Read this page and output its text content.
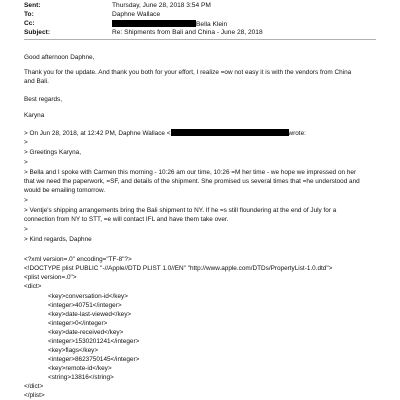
Sent:	Thursday, June 28, 2018 3:54 PM
To:	Daphne Wallace
Cc:	Bella Klein
Subject:	Re: Shipments from Bali and China - June 28, 2018
Good afternoon Daphne,
Thank you for the update. And thank you both for your effort, I realize =ow not easy it is with the vendors from China
and Bali.
Best regards,
Karyna
> On Jun 28, 2018, at 12:42 PM, Daphne Wallace <	wrote:
>
> Greetings Karyna,
>
> Bella and I spoke with Carmen this morning - 10:26 am our time, 10:26 =M her time - we hope we impressed on her
that we need the paperwork, =SF, and details of the shipment. She promised us several times that =he understood and
would be emailing tomorrow.
>
> Ventje's shipping arrangements bring the Bali shipment to NY. If he =s still floundering at the end of July for a
connection from NY to STT, =e will contact IFL and have them take over.
>
> Kind regards, Daphne
<?xml version=.0" encoding="TF-8"?>
<!DOCTYPE plist PUBLIC "-//Apple//DTD PLIST 1.0//EN" "http://www.apple.com/DTDs/PropertyList-1.0.dtd">
<plist version=.0">
<dict>
<key>conversation-id</key>
<integer>40751</integer>
<key>date-last-viewed</key>
<integer>0</integer>
<key>date-received</key>
<integer>1530201241</integer>
<key>flags</key>
<integer>8623750145</integer>
<key>remote-id</key>
<string>13816</string>
</dict>
</plist>
